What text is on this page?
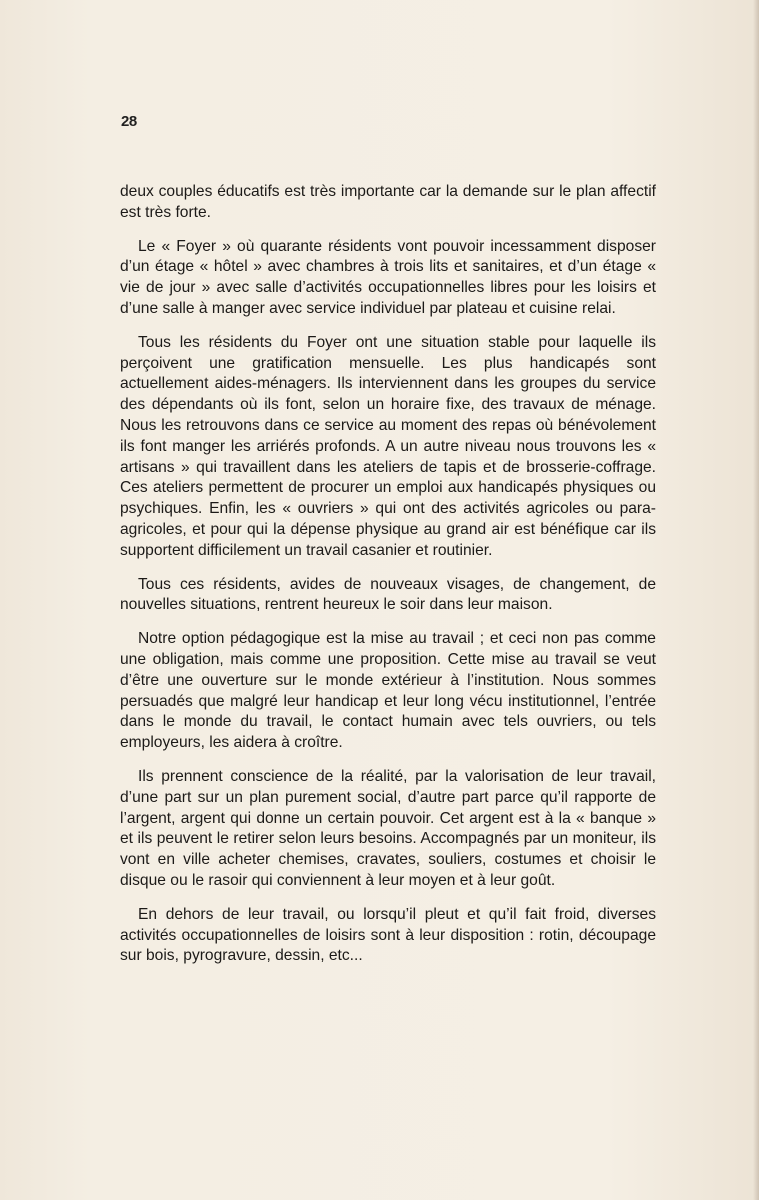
28

deux couples éducatifs est très importante car la demande sur le plan affectif est très forte.

Le « Foyer » où quarante résidents vont pouvoir incessamment disposer d’un étage « hôtel » avec chambres à trois lits et sanitaires, et d’un étage « vie de jour » avec salle d’activités occupationnelles libres pour les loisirs et d’une salle à manger avec service individuel par plateau et cuisine relai.

Tous les résidents du Foyer ont une situation stable pour laquelle ils perçoivent une gratification mensuelle. Les plus handicapés sont actuellement aides-ménagers. Ils interviennent dans les groupes du service des dépendants où ils font, selon un horaire fixe, des travaux de ménage. Nous les retrouvons dans ce service au moment des repas où bénévolement ils font manger les arriérés profonds. A un autre niveau nous trouvons les « artisans » qui travaillent dans les ateliers de tapis et de brosserie-coffrage. Ces ateliers permettent de procurer un emploi aux handicapés physiques ou psychiques. Enfin, les « ouvriers » qui ont des activités agricoles ou para-agricoles, et pour qui la dépense physique au grand air est bénéfique car ils supportent difficilement un travail casanier et routinier.

Tous ces résidents, avides de nouveaux visages, de changement, de nouvelles situations, rentrent heureux le soir dans leur maison.

Notre option pédagogique est la mise au travail ; et ceci non pas comme une obligation, mais comme une proposition. Cette mise au travail se veut d’être une ouverture sur le monde extérieur à l’institution. Nous sommes persuadés que malgré leur handicap et leur long vécu institutionnel, l’entrée dans le monde du travail, le contact humain avec tels ouvriers, ou tels employeurs, les aidera à croître.

Ils prennent conscience de la réalité, par la valorisation de leur travail, d’une part sur un plan purement social, d’autre part parce qu’il rapporte de l’argent, argent qui donne un certain pouvoir. Cet argent est à la « banque » et ils peuvent le retirer selon leurs besoins. Accompagnés par un moniteur, ils vont en ville acheter chemises, cravates, souliers, costumes et choisir le disque ou le rasoir qui conviennent à leur moyen et à leur goût.

En dehors de leur travail, ou lorsqu’il pleut et qu’il fait froid, diverses activités occupationnelles de loisirs sont à leur disposition : rotin, découpage sur bois, pyrogravure, dessin, etc...
